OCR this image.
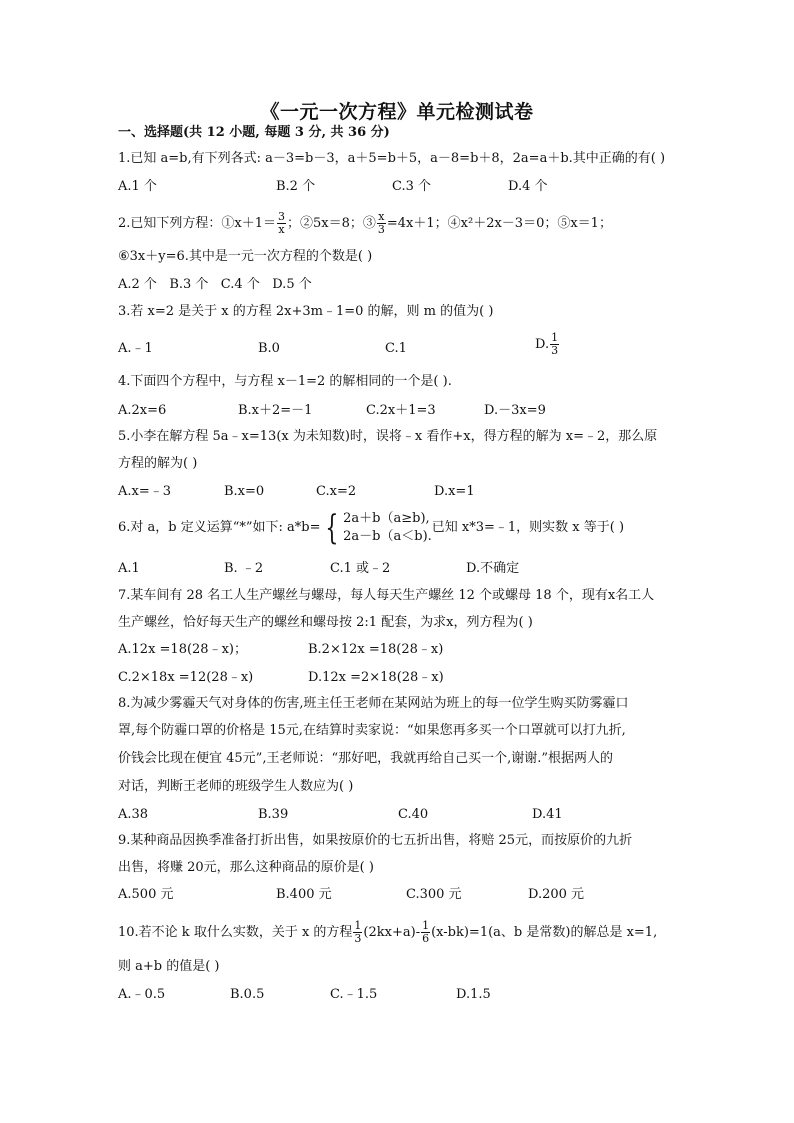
《一元一次方程》单元检测试卷
一、选择题(共 12 小题, 每题 3 分, 共 36 分)
1.已知 a=b,有下列各式: a－3=b－3，a＋5=b＋5，a－8=b＋8，2a=a＋b.其中正确的有( )
A.1 个	B.2 个	C.3 个	D.4 个
2.已知下列方程：①x＋1＝ $\frac{3}{x}$ ；②5x＝8；③ $\frac{x}{3} =4x+1$；④x²＋2x－3＝0；⑤x＝1；
⑥3x＋y=6.其中是一元一次方程的个数是( )
A.2 个   B.3 个   C.4 个   D.5 个
3.若 x=2 是关于 x 的方程 2x+3m﹣1=0 的解，则 m 的值为( )
A.﹣1	B.0	C.1	D. $\frac{1}{3}$
4.下面四个方程中，与方程 x－1=2 的解相同的一个是( ).
A.2x=6	B.x＋2=－1	C.2x＋1=3	D.－3x=9
5.小李在解方程 5a﹣x=13(x 为未知数)时，误将﹣x 看作+x，得方程的解为 x=﹣2，那么原
方程的解为( )
A.x=﹣3	B.x=0	C.x=2	D.x=1
6.对 a，b 定义运算“*”如下: a*b= { 2a＋b（a≥b),
2a－b（a＜b).
已知 x*3=﹣1，则实数 x 等于( )
A.1	B. ﹣2	C.1 或﹣2	D.不确定
7.某车间有 28 名工人生产螺丝与螺母，每人每天生产螺丝 12 个或螺母 18 个，现有x名工人
生产螺丝，恰好每天生产的螺丝和螺母按 2:1 配套，为求x，列方程为( )
A.12x =18(28﹣x)；	B.2×12x =18(28﹣x)
C.2×18x =12(28﹣x)	D.12x =2×18(28﹣x)
8.为减少雾霾天气对身体的伤害,班主任王老师在某网站为班上的每一位学生购买防雾霾口
罩,每个防霾口罩的价格是 15元,在结算时卖家说：“如果您再多买一个口罩就可以打九折,
价钱会比现在便宜 45元”,王老师说：“那好吧，我就再给自己买一个,谢谢.”根据两人的
对话，判断王老师的班级学生人数应为( )
A.38	B.39	C.40	D.41
9.某种商品因换季准备打折出售，如果按原价的七五折出售，将赔 25元，而按原价的九折
出售，将赚 20元，那么这种商品的原价是( )
A.500 元	B.400 元	C.300 元	D.200 元
10.若不论 k 取什么实数，关于 x 的方程 $\frac{1}{3} (2kx+a)- \frac{1}{6} (x-bk)=1(a$、b 是常数)的解总是 x=1,
则 a+b 的值是( )
A.﹣0.5	B.0.5	C.﹣1.5	D.1.5
